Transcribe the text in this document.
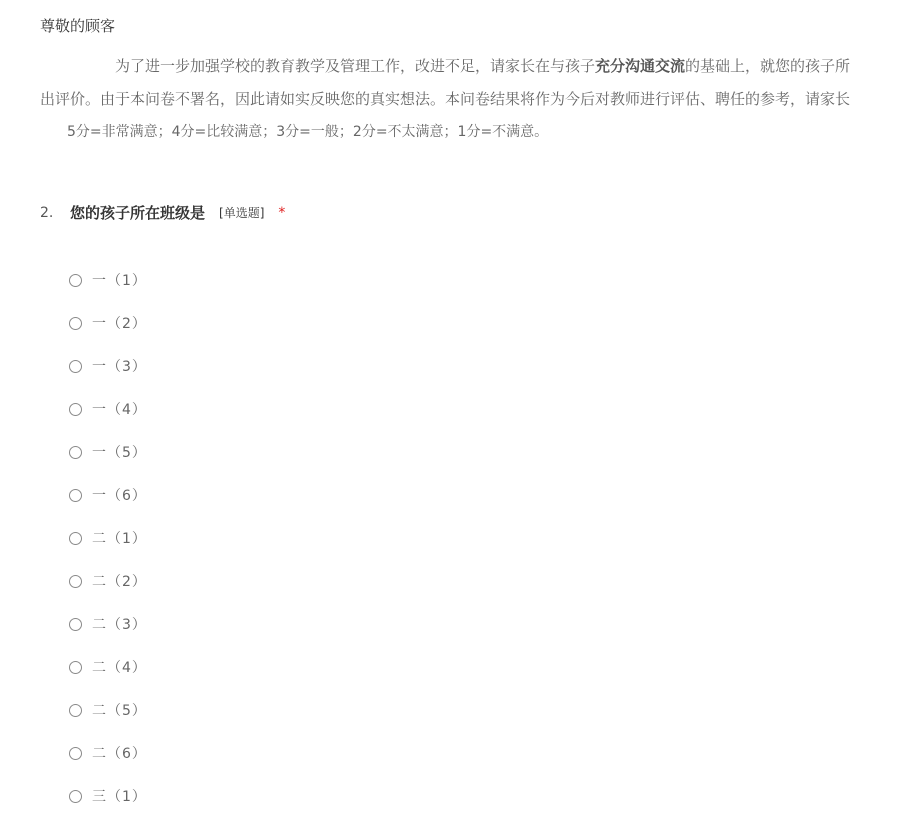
尊敬的顾客
为了进一步加强学校的教育教学及管理工作，改进不足，请家长在与孩子充分沟通交流的基础上，就您的孩子所
出评价。由于本问卷不署名，因此请如实反映您的真实想法。本问卷结果将作为今后对教师进行评估、聘任的参考，请家长
5分=非常满意；4分=比较满意；3分=一般；2分=不太满意；1分=不满意。
2.	您的孩子所在班级是 [单选题] *
一（1）
一（2）
一（3）
一（4）
一（5）
一（6）
二（1）
二（2）
二（3）
二（4）
二（5）
二（6）
三（1）
